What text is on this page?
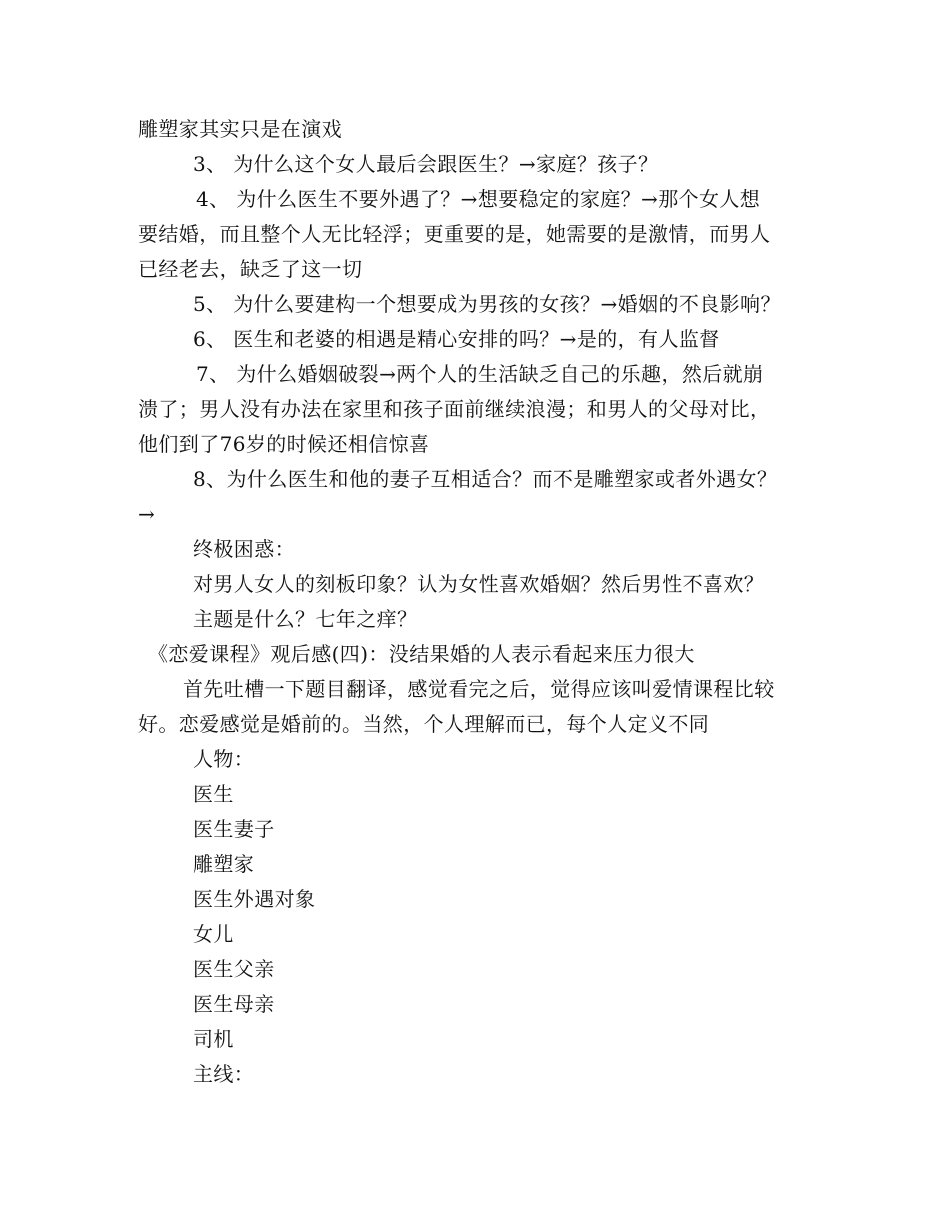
雕塑家其实只是在演戏
3、 为什么这个女人最后会跟医生？→家庭？孩子？
4、 为什么医生不要外遇了？→想要稳定的家庭？→那个女人想
要结婚，而且整个人无比轻浮；更重要的是，她需要的是激情，而男人
已经老去，缺乏了这一切
5、 为什么要建构一个想要成为男孩的女孩？→婚姻的不良影响？
6、 医生和老婆的相遇是精心安排的吗？→是的，有人监督
7、 为什么婚姻破裂→两个人的生活缺乏自己的乐趣，然后就崩
溃了；男人没有办法在家里和孩子面前继续浪漫；和男人的父母对比，
他们到了76岁的时候还相信惊喜
8、为什么医生和他的妻子互相适合？而不是雕塑家或者外遇女？
→
终极困惑：
对男人女人的刻板印象？认为女性喜欢婚姻？然后男性不喜欢？
主题是什么？七年之痒？
《恋爱课程》观后感(四)：没结果婚的人表示看起来压力很大
首先吐槽一下题目翻译，感觉看完之后，觉得应该叫爱情课程比较
好。恋爱感觉是婚前的。当然，个人理解而已，每个人定义不同
人物：
医生
医生妻子
雕塑家
医生外遇对象
女儿
医生父亲
医生母亲
司机
主线：
